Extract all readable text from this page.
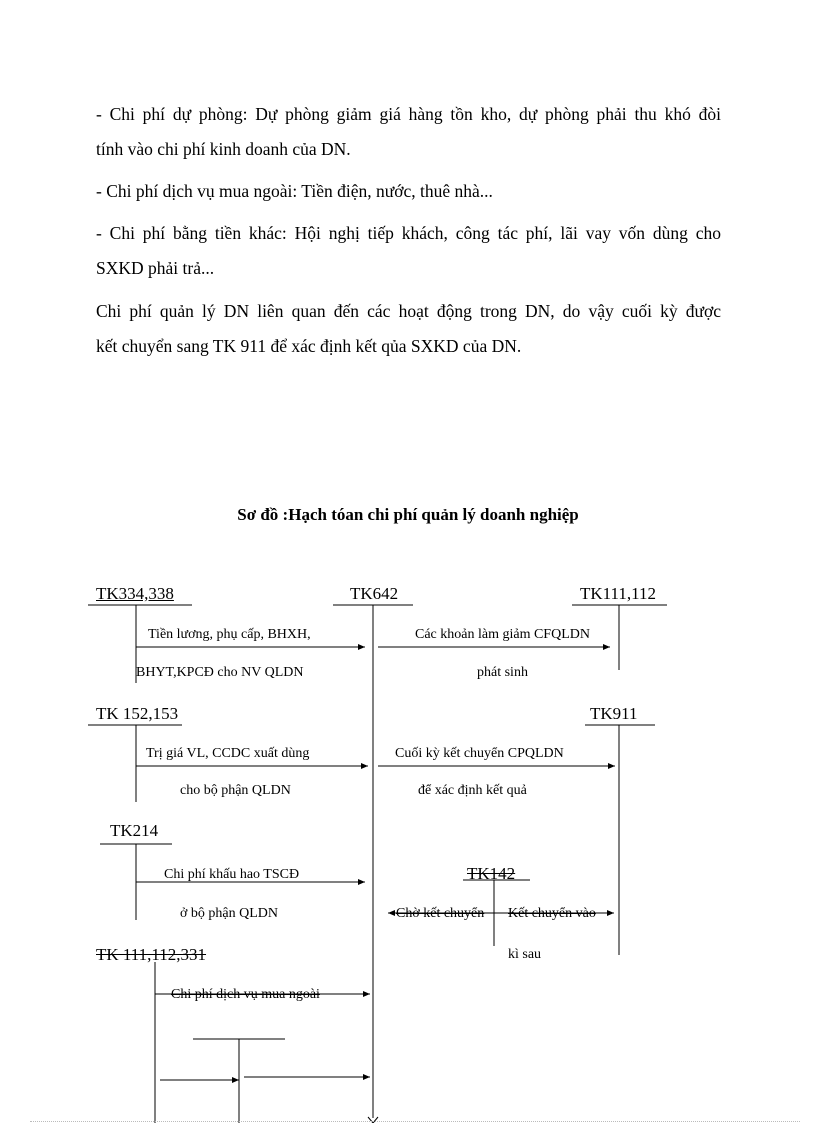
- Chi phí dự phòng: Dự phòng giảm giá hàng tồn kho, dự phòng phải thu khó đòi
tính vào chi phí kinh doanh của DN.
- Chi phí dịch vụ mua ngoài: Tiền điện, nước, thuê nhà...
- Chi phí bằng tiền khác: Hội nghị tiếp khách, công tác phí, lãi vay vốn dùng cho
SXKD phải trả...
Chi phí quản lý DN liên quan đến các hoạt động trong DN, do vậy cuối kỳ được
kết chuyển sang TK 911 để xác định kết qủa SXKD của DN.
Sơ đồ :Hạch tóan chi phí quản lý doanh nghiệp
TK334,338	TK642	TK111,112
TK 152,153	TK911
TK214
TK142
TK 111,112,331
Tiền lương, phụ cấp, BHXH,
BHYT,KPCĐ cho NV QLDN
Các khoản làm giảm CFQLDN
phát sinh
Trị giá VL, CCDC xuất dùng
cho bộ phận QLDN
Cuối kỳ kết chuyển CPQLDN
để xác định kết quả
Chi phí khấu hao TSCĐ
ở bộ phận QLDN	Chờ kết chuyển Kết chuyển vào
kì sau
Chi phí dịch vụ mua ngoài
